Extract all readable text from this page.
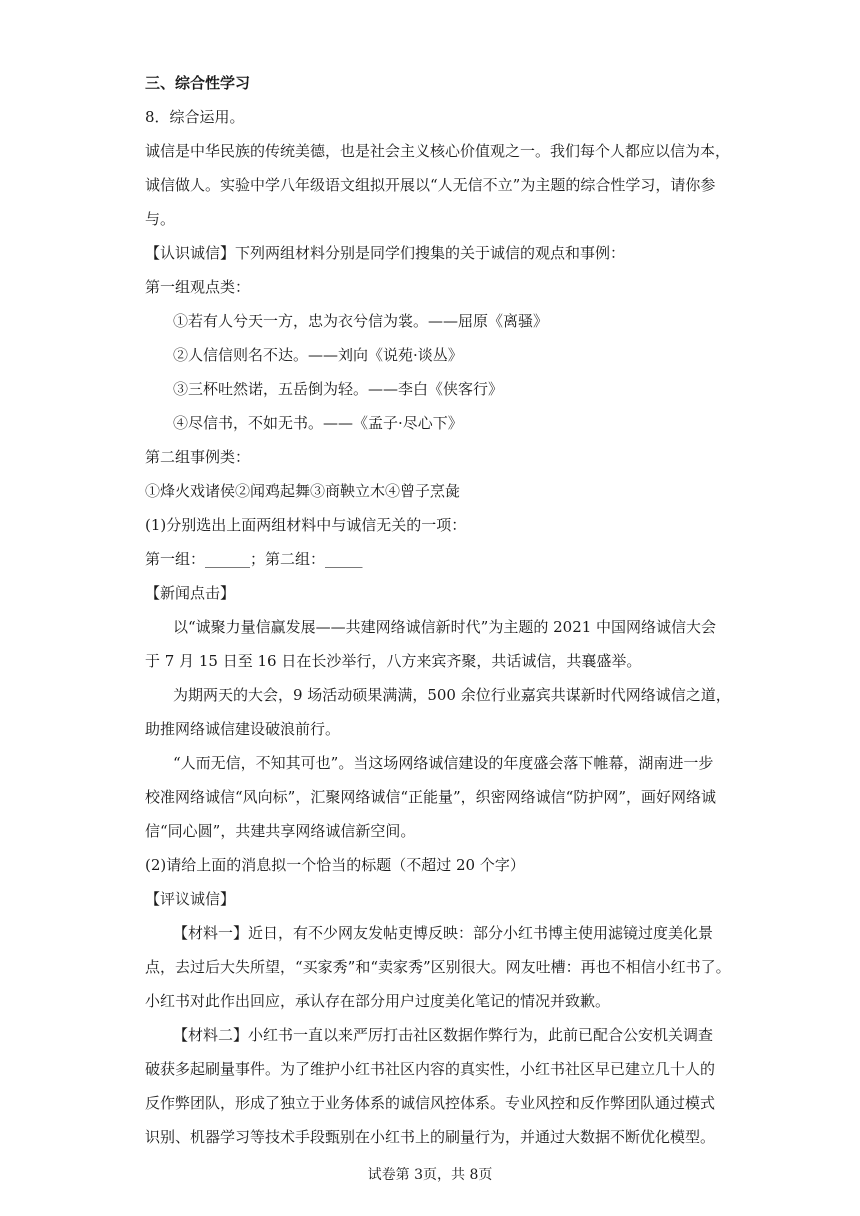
三、综合性学习
8．综合运用。
诚信是中华民族的传统美德，也是社会主义核心价值观之一。我们每个人都应以信为本，
诚信做人。实验中学八年级语文组拟开展以“人无信不立”为主题的综合性学习，请你参
与。
【认识诚信】下列两组材料分别是同学们搜集的关于诚信的观点和事例：
第一组观点类：
①若有人兮天一方，忠为衣兮信为裳。——屈原《离骚》
②人信信则名不达。——刘向《说苑·谈丛》
③三杯吐然诺，五岳倒为轻。——李白《侠客行》
④尽信书，不如无书。——《孟子·尽心下》
第二组事例类：
①烽火戏诸侯②闻鸡起舞③商鞅立木④曾子烹彘
(1)分别选出上面两组材料中与诚信无关的一项：
第一组：______；第二组：_____
【新闻点击】
以“诚聚力量信赢发展——共建网络诚信新时代”为主题的 2021 中国网络诚信大会
于 7 月 15 日至 16 日在长沙举行，八方来宾齐聚，共话诚信，共襄盛举。
为期两天的大会，9 场活动硕果满满，500 余位行业嘉宾共谋新时代网络诚信之道，
助推网络诚信建设破浪前行。
“人而无信，不知其可也”。当这场网络诚信建设的年度盛会落下帷幕，湖南进一步
校准网络诚信“风向标”，汇聚网络诚信“正能量”，织密网络诚信“防护网”，画好网络诚
信“同心圆”，共建共享网络诚信新空间。
(2)请给上面的消息拟一个恰当的标题（不超过 20 个字）
【评议诚信】
【材料一】近日，有不少网友发帖吏博反映：部分小红书博主使用滤镜过度美化景
点，去过后大失所望，“买家秀”和“卖家秀”区别很大。网友吐槽：再也不相信小红书了。
小红书对此作出回应，承认存在部分用户过度美化笔记的情况并致歉。
【材料二】小红书一直以来严厉打击社区数据作弊行为，此前已配合公安机关调查
破获多起刷量事件。为了维护小红书社区内容的真实性，小红书社区早已建立几十人的
反作弊团队，形成了独立于业务体系的诚信风控体系。专业风控和反作弊团队通过模式
识别、机器学习等技术手段甄别在小红书上的刷量行为，并通过大数据不断优化模型。
试卷第 3页，共 8页
